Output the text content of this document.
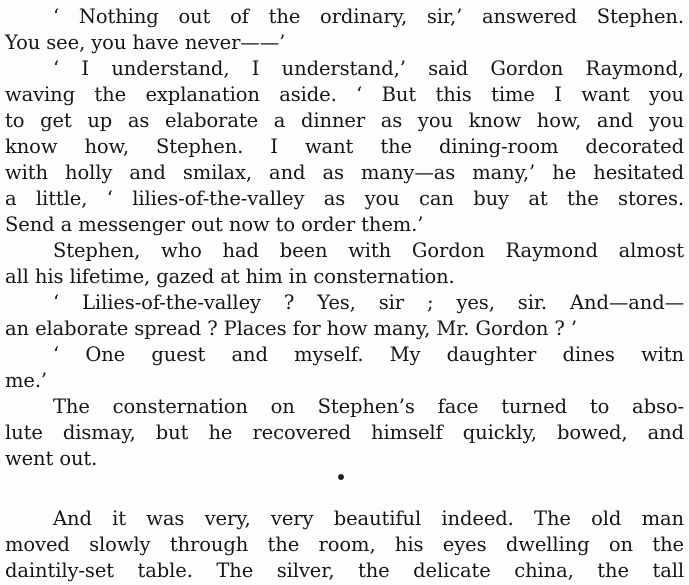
‘ Nothing out of the ordinary, sir,’ answered Stephen.
You see, you have never——’
‘ I understand, I understand,’ said Gordon Raymond,
waving the explanation aside. ‘ But this time I want you
to get up as elaborate a dinner as you know how, and you
know how, Stephen. I want the dining-room decorated
with holly and smilax, and as many—as many,’ he hesitated
a little, ‘ lilies-of-the-valley as you can buy at the stores.
Send a messenger out now to order them.’
Stephen, who had been with Gordon Raymond almost
all his lifetime, gazed at him in consternation.
‘ Lilies-of-the-valley ? Yes, sir ; yes, sir. And—and—
an elaborate spread ? Places for how many, Mr. Gordon ? ’
‘ One guest and myself. My daughter dines witn
me.’
The consternation on Stephen’s face turned to abso-
lute dismay, but he recovered himself quickly, bowed, and
went out.
And it was very, very beautiful indeed. The old man
moved slowly through the room, his eyes dwelling on the
daintily-set table. The silver, the delicate china, the tall
